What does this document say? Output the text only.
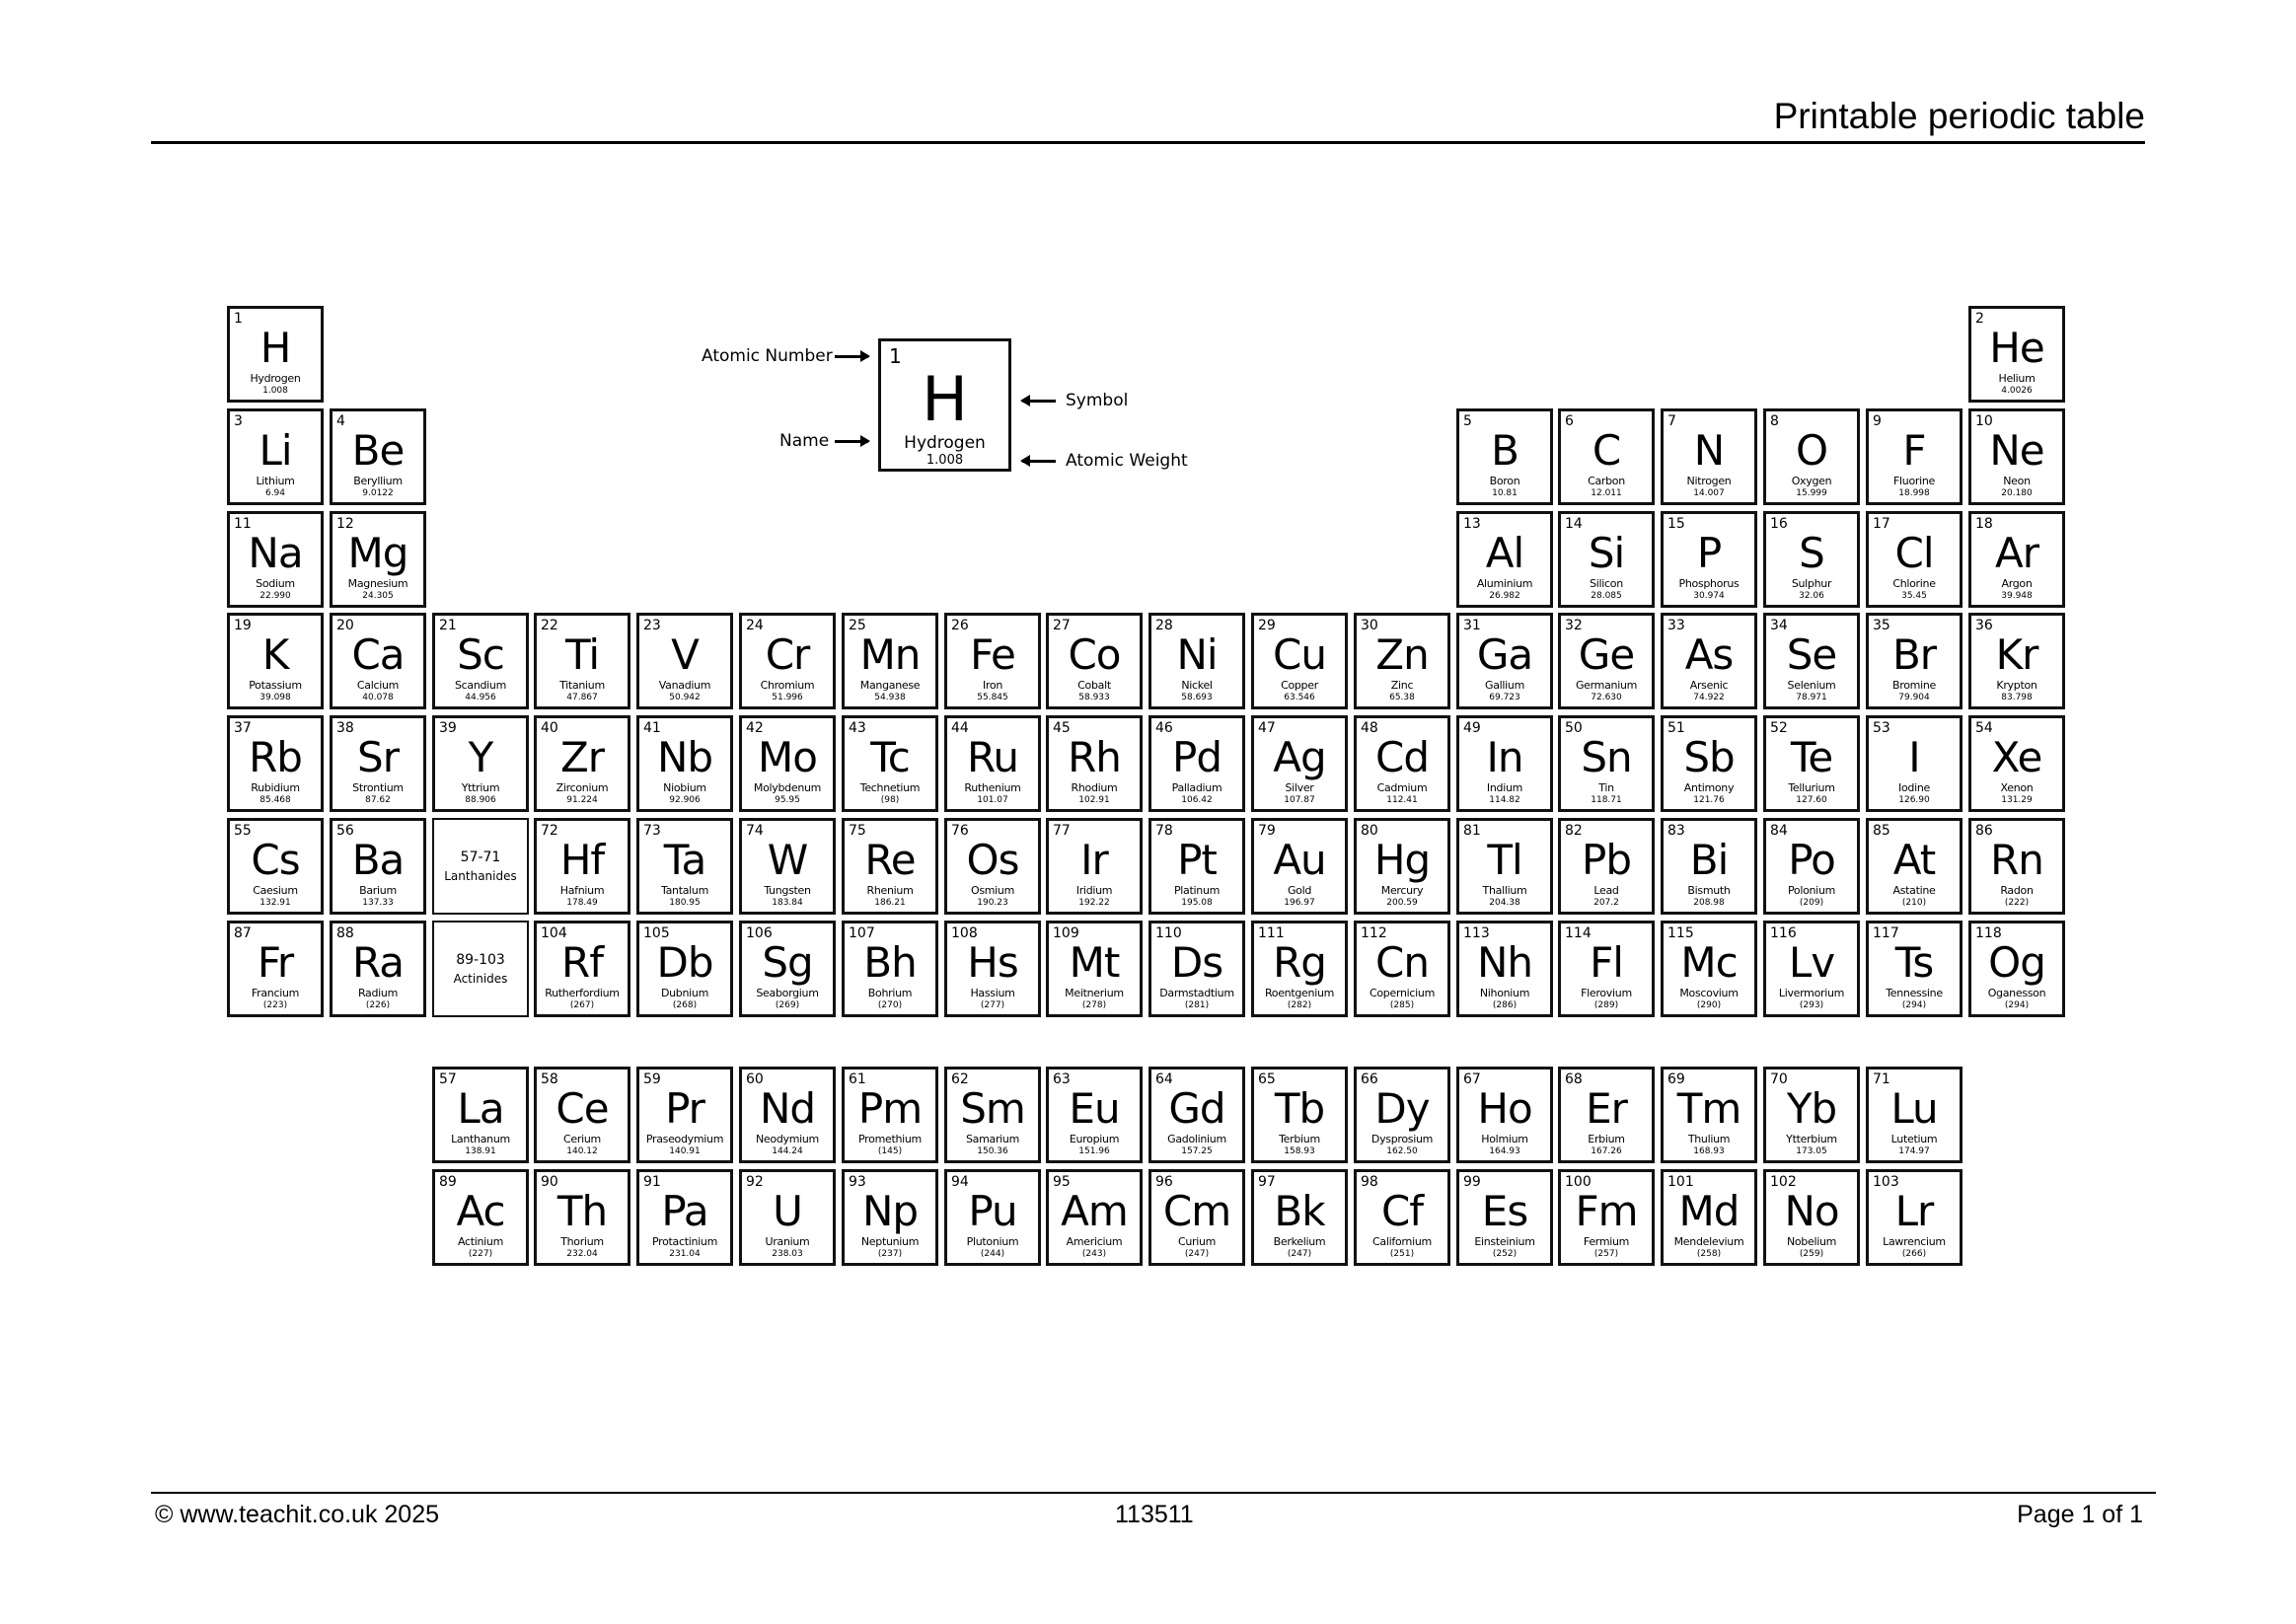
Printable periodic table
1
H
Hydrogen
1.008
2
He
Helium
4.0026
3
Li
Lithium
6.94
4
Be
Beryllium
9.0122
5
B
Boron
10.81
6
C
Carbon
12.011
7
N
Nitrogen
14.007
8
O
Oxygen
15.999
9
F
Fluorine
18.998
10
Ne
Neon
20.180
11
Na
Sodium
22.990
12
Mg
Magnesium
24.305
13
Al
Aluminium
26.982
14
Si
Silicon
28.085
15
P
Phosphorus
30.974
16
S
Sulphur
32.06
17
Cl
Chlorine
35.45
18
Ar
Argon
39.948
19
K
Potassium
39.098
20
Ca
Calcium
40.078
21
Sc
Scandium
44.956
22
Ti
Titanium
47.867
23
V
Vanadium
50.942
24
Cr
Chromium
51.996
25
Mn
Manganese
54.938
26
Fe
Iron
55.845
27
Co
Cobalt
58.933
28
Ni
Nickel
58.693
29
Cu
Copper
63.546
30
Zn
Zinc
65.38
31
Ga
Gallium
69.723
32
Ge
Germanium
72.630
33
As
Arsenic
74.922
34
Se
Selenium
78.971
35
Br
Bromine
79.904
36
Kr
Krypton
83.798
37
Rb
Rubidium
85.468
38
Sr
Strontium
87.62
39
Y
Yttrium
88.906
40
Zr
Zirconium
91.224
41
Nb
Niobium
92.906
42
Mo
Molybdenum
95.95
43
Tc
Technetium
(98)
44
Ru
Ruthenium
101.07
45
Rh
Rhodium
102.91
46
Pd
Palladium
106.42
47
Ag
Silver
107.87
48
Cd
Cadmium
112.41
49
In
Indium
114.82
50
Sn
Tin
118.71
51
Sb
Antimony
121.76
52
Te
Tellurium
127.60
53
I
Iodine
126.90
54
Xe
Xenon
131.29
55
Cs
Caesium
132.91
56
Ba
Barium
137.33
72
Hf
Hafnium
178.49
73
Ta
Tantalum
180.95
74
W
Tungsten
183.84
75
Re
Rhenium
186.21
76
Os
Osmium
190.23
77
Ir
Iridium
192.22
78
Pt
Platinum
195.08
79
Au
Gold
196.97
80
Hg
Mercury
200.59
81
Tl
Thallium
204.38
82
Pb
Lead
207.2
83
Bi
Bismuth
208.98
84
Po
Polonium
(209)
85
At
Astatine
(210)
86
Rn
Radon
(222)
87
Fr
Francium
(223)
88
Ra
Radium
(226)
104
Rf
Rutherfordium
(267)
105
Db
Dubnium
(268)
106
Sg
Seaborgium
(269)
107
Bh
Bohrium
(270)
108
Hs
Hassium
(277)
109
Mt
Meitnerium
(278)
110
Ds
Darmstadtium
(281)
111
Rg
Roentgenium
(282)
112
Cn
Copernicium
(285)
113
Nh
Nihonium
(286)
114
Fl
Flerovium
(289)
115
Mc
Moscovium
(290)
116
Lv
Livermorium
(293)
117
Ts
Tennessine
(294)
118
Og
Oganesson
(294)
57
La
Lanthanum
138.91
58
Ce
Cerium
140.12
59
Pr
Praseodymium
140.91
60
Nd
Neodymium
144.24
61
Pm
Promethium
(145)
62
Sm
Samarium
150.36
63
Eu
Europium
151.96
64
Gd
Gadolinium
157.25
65
Tb
Terbium
158.93
66
Dy
Dysprosium
162.50
67
Ho
Holmium
164.93
68
Er
Erbium
167.26
69
Tm
Thulium
168.93
70
Yb
Ytterbium
173.05
71
Lu
Lutetium
174.97
89
Ac
Actinium
(227)
90
Th
Thorium
232.04
91
Pa
Protactinium
231.04
92
U
Uranium
238.03
93
Np
Neptunium
(237)
94
Pu
Plutonium
(244)
95
Am
Americium
(243)
96
Cm
Curium
(247)
97
Bk
Berkelium
(247)
98
Cf
Californium
(251)
99
Es
Einsteinium
(252)
100
Fm
Fermium
(257)
101
Md
Mendelevium
(258)
102
No
Nobelium
(259)
103
Lr
Lawrencium
(266)
57-71
Lanthanides
89-103
Actinides
1
H
Hydrogen
1.008
Atomic Number
Name
Symbol
Atomic Weight
© www.teachit.co.uk 2025	113511	Page 1 of 1
